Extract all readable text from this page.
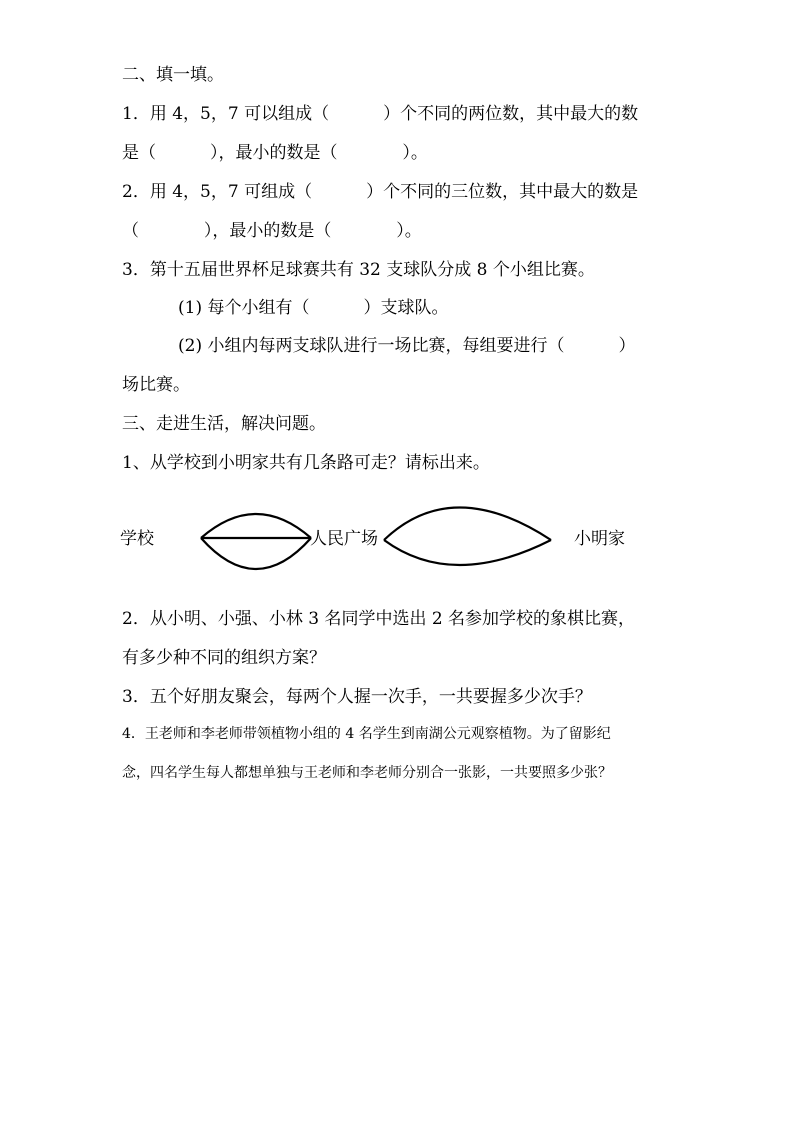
二、填一填。
1．用 4，5，7 可以组成（          ）个不同的两位数，其中最大的数
是（          ），最小的数是（            ）。
2．用 4，5，7 可组成（          ）个不同的三位数，其中最大的数是
（            ），最小的数是（            ）。
3．第十五届世界杯足球赛共有 32 支球队分成 8 个小组比赛。
(1) 每个小组有（          ）支球队。
(2) 小组内每两支球队进行一场比赛，每组要进行（          ）
场比赛。
三、走进生活，解决问题。
1、从学校到小明家共有几条路可走？请标出来。
学校	人民广场	小明家
2．从小明、小强、小林 3 名同学中选出 2 名参加学校的象棋比赛，
有多少种不同的组织方案？
3．五个好朋友聚会，每两个人握一次手，一共要握多少次手？
4．王老师和李老师带领植物小组的 4 名学生到南湖公元观察植物。为了留影纪
念，四名学生每人都想单独与王老师和李老师分别合一张影，一共要照多少张？
